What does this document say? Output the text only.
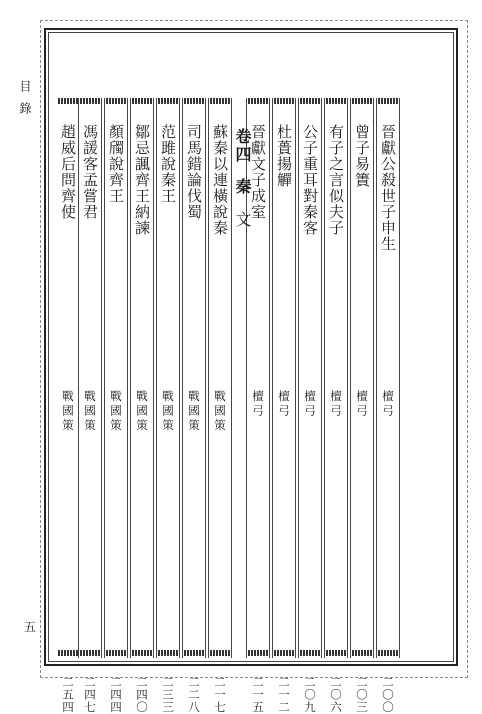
目錄
五
晉獻公殺世子申生
檀弓
二〇〇
曾子易簀
檀弓
二〇三
有子之言似夫子
檀弓
二〇六
公子重耳對秦客
檀弓
二〇九
杜蕢揚觶
檀弓
二一二
晉獻文子成室
檀弓
二一五
卷四 秦 文
蘇秦以連橫說秦
戰國策
二一七
司馬錯論伐蜀
戰國策
二二八
范雎說秦王
戰國策
二三三
鄒忌諷齊王納諫
戰國策
二四〇
顏斶說齊王
戰國策
二四四
馮諼客孟嘗君
戰國策
二四七
趙威后問齊使
戰國策
二五四
